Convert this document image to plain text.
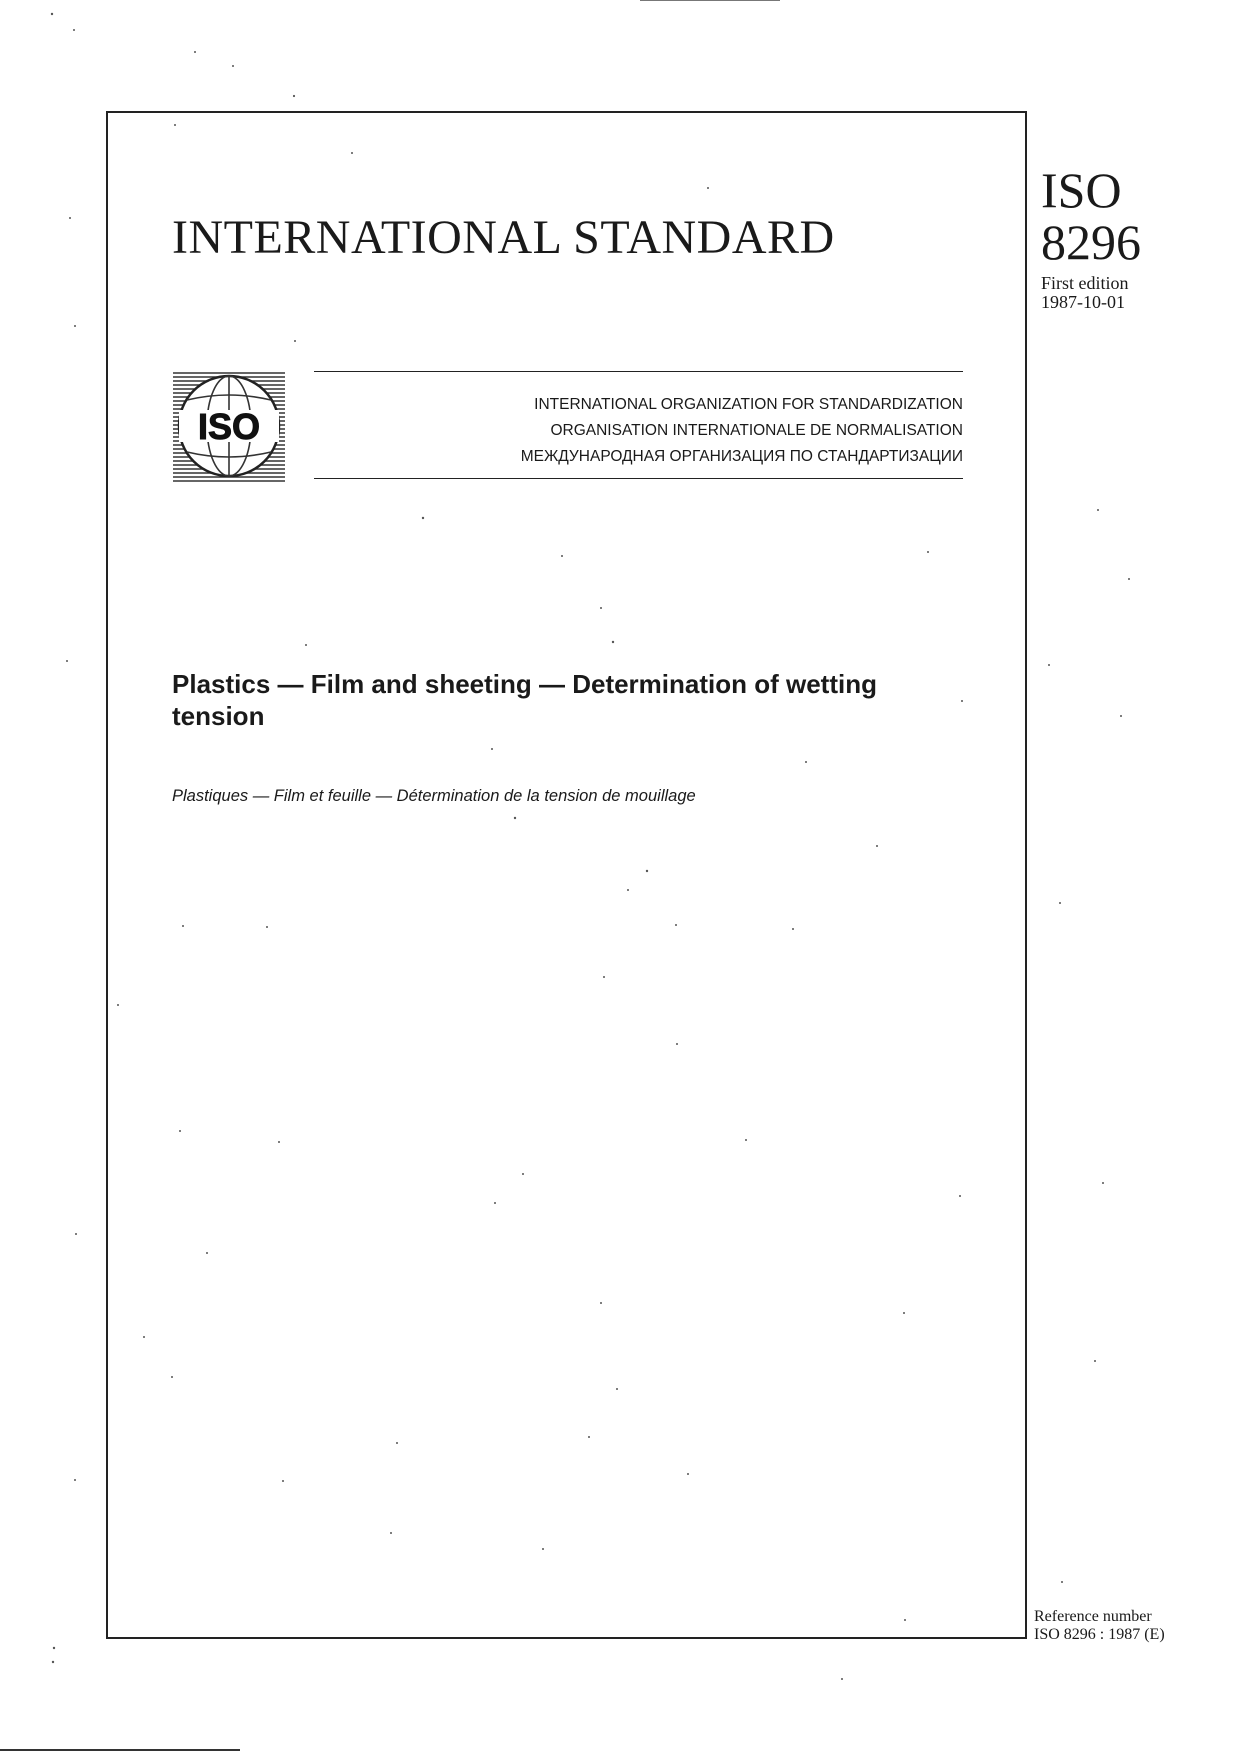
INTERNATIONAL STANDARD
ISO
8296
First edition
1987-10-01
ISO
INTERNATIONAL ORGANIZATION FOR STANDARDIZATION
ORGANISATION INTERNATIONALE DE NORMALISATION
МЕЖДУНАРОДНАЯ ОРГАНИЗАЦИЯ ПО СТАНДАРТИЗАЦИИ
Plastics — Film and sheeting — Determination of wetting tension
Plastiques — Film et feuille — Détermination de la tension de mouillage
Reference number
ISO 8296 : 1987 (E)
